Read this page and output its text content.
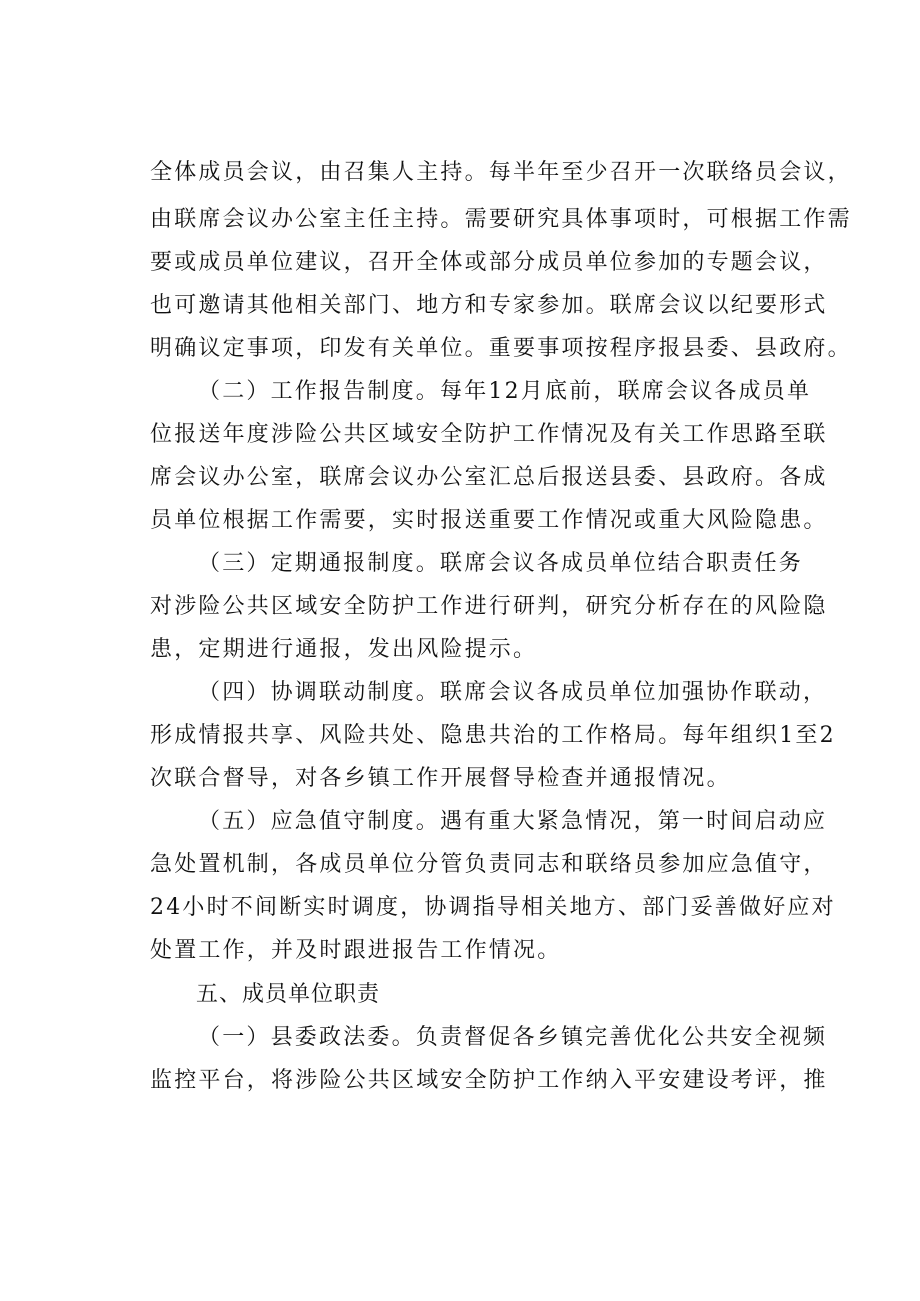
全体成员会议，由召集人主持。每半年至少召开一次联络员会议，
由联席会议办公室主任主持。需要研究具体事项时，可根据工作需
要或成员单位建议，召开全体或部分成员单位参加的专题会议，
也可邀请其他相关部门、地方和专家参加。联席会议以纪要形式
明确议定事项，印发有关单位。重要事项按程序报县委、县政府。
（二）工作报告制度。每年12月底前，联席会议各成员单
位报送年度涉险公共区域安全防护工作情况及有关工作思路至联
席会议办公室，联席会议办公室汇总后报送县委、县政府。各成
员单位根据工作需要，实时报送重要工作情况或重大风险隐患。
（三）定期通报制度。联席会议各成员单位结合职责任务
对涉险公共区域安全防护工作进行研判，研究分析存在的风险隐
患，定期进行通报，发出风险提示。
（四）协调联动制度。联席会议各成员单位加强协作联动，
形成情报共享、风险共处、隐患共治的工作格局。每年组织1至2
次联合督导，对各乡镇工作开展督导检查并通报情况。
（五）应急值守制度。遇有重大紧急情况，第一时间启动应
急处置机制，各成员单位分管负责同志和联络员参加应急值守，
24小时不间断实时调度，协调指导相关地方、部门妥善做好应对
处置工作，并及时跟进报告工作情况。
五、成员单位职责
（一）县委政法委。负责督促各乡镇完善优化公共安全视频
监控平台，将涉险公共区域安全防护工作纳入平安建设考评，推
